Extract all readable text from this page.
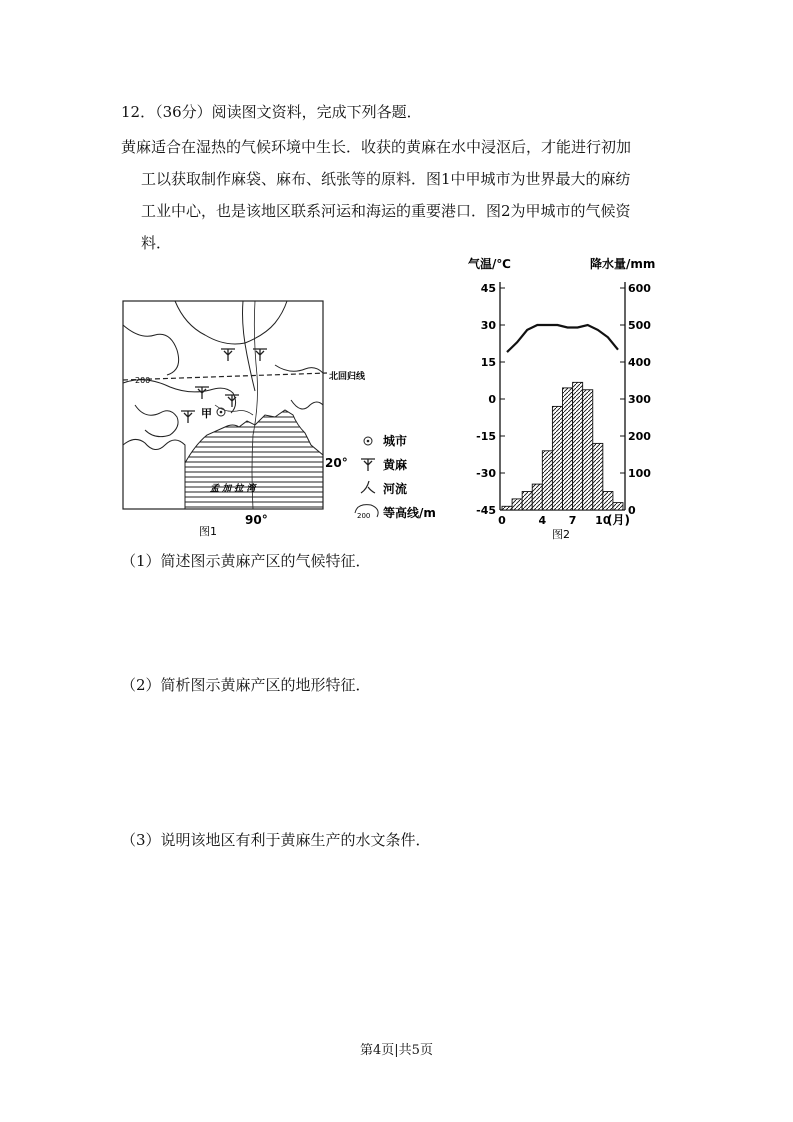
12．（36分）阅读图文资料，完成下列各题．
黄麻适合在湿热的气候环境中生长．收获的黄麻在水中浸沤后，才能进行初加
工以获取制作麻袋、麻布、纸张等的原料．图1中甲城市为世界最大的麻纺
工业中心，也是该地区联系河运和海运的重要港口．图2为甲城市的气候资
料．
北回归线
200
甲
孟 加 拉 湾
20°
90°
图1
城市
黄麻
河流
200 等高线/m
气温/℃	降水量/mm
45
30
15
0
-15
-30
-45
600
500
400
300
200
100
0
0	4 7 10
(月)
图2
（1）简述图示黄麻产区的气候特征．
（2）简析图示黄麻产区的地形特征．
（3）说明该地区有利于黄麻生产的水文条件．
第4页|共5页
